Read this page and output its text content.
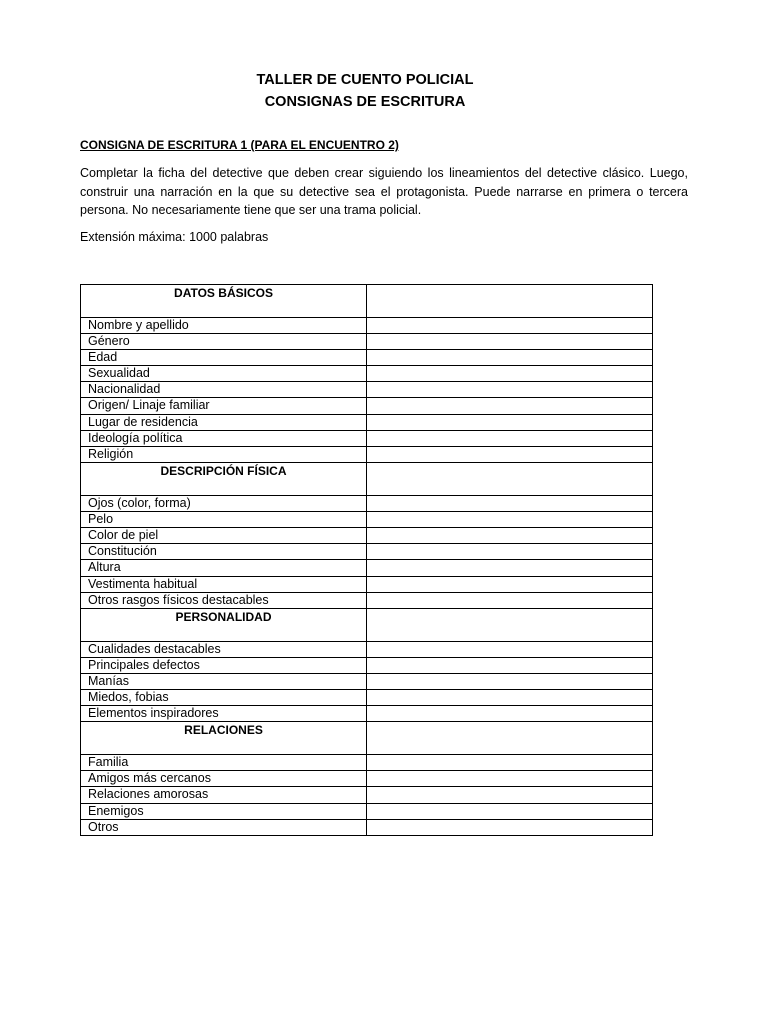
TALLER DE CUENTO POLICIAL
CONSIGNAS DE ESCRITURA
CONSIGNA DE ESCRITURA 1 (PARA EL ENCUENTRO 2)

Completar la ficha del detective que deben crear siguiendo los lineamientos del detective clásico. Luego, construir una narración en la que su detective sea el protagonista. Puede narrarse en primera o tercera persona. No necesariamente tiene que ser una trama policial.

Extensión máxima: 1000 palabras
DATOS BÁSICOS	
Nombre y apellido	
Género	
Edad	
Sexualidad	
Nacionalidad	
Origen/ Linaje familiar	
Lugar de residencia	
Ideología política	
Religión	
DESCRIPCIÓN FÍSICA	
Ojos (color, forma)	
Pelo	
Color de piel	
Constitución	
Altura	
Vestimenta habitual	
Otros rasgos físicos destacables	
PERSONALIDAD	
Cualidades destacables	
Principales defectos	
Manías	
Miedos, fobias	
Elementos inspiradores	
RELACIONES	
Familia	
Amigos más cercanos	
Relaciones amorosas	
Enemigos	
Otros	
